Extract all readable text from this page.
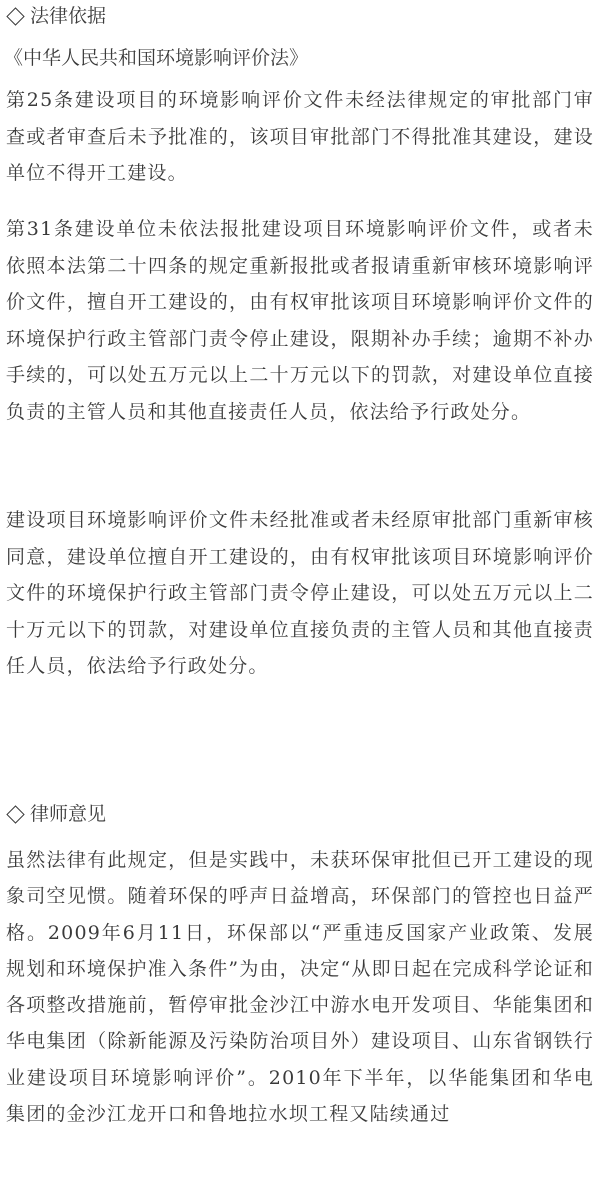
法律依据
《中华人民共和国环境影响评价法》

第25条建设项目的环境影响评价文件未经法律规定的审批部门审查或者审查后未予批准的，该项目审批部门不得批准其建设，建设单位不得开工建设。

第31条建设单位未依法报批建设项目环境影响评价文件，或者未依照本法第二十四条的规定重新报批或者报请重新审核环境影响评价文件，擅自开工建设的，由有权审批该项目环境影响评价文件的环境保护行政主管部门责令停止建设，限期补办手续；逾期不补办手续的，可以处五万元以上二十万元以下的罚款，对建设单位直接负责的主管人员和其他直接责任人员，依法给予行政处分。

建设项目环境影响评价文件未经批准或者未经原审批部门重新审核同意，建设单位擅自开工建设的，由有权审批该项目环境影响评价文件的环境保护行政主管部门责令停止建设，可以处五万元以上二十万元以下的罚款，对建设单位直接负责的主管人员和其他直接责任人员，依法给予行政处分。

律师意见

虽然法律有此规定，但是实践中，未获环保审批但已开工建设的现象司空见惯。随着环保的呼声日益增高，环保部门的管控也日益严格。2009年6月11日，环保部以“严重违反国家产业政策、发展规划和环境保护准入条件”为由，决定“从即日起在完成科学论证和各项整改措施前，暂停审批金沙江中游水电开发项目、华能集团和华电集团（除新能源及污染防治项目外）建设项目、山东省钢铁行业建设项目环境影响评价”。2010年下半年，以华能集团和华电集团的金沙江龙开口和鲁地拉水坝工程又陆续通过
